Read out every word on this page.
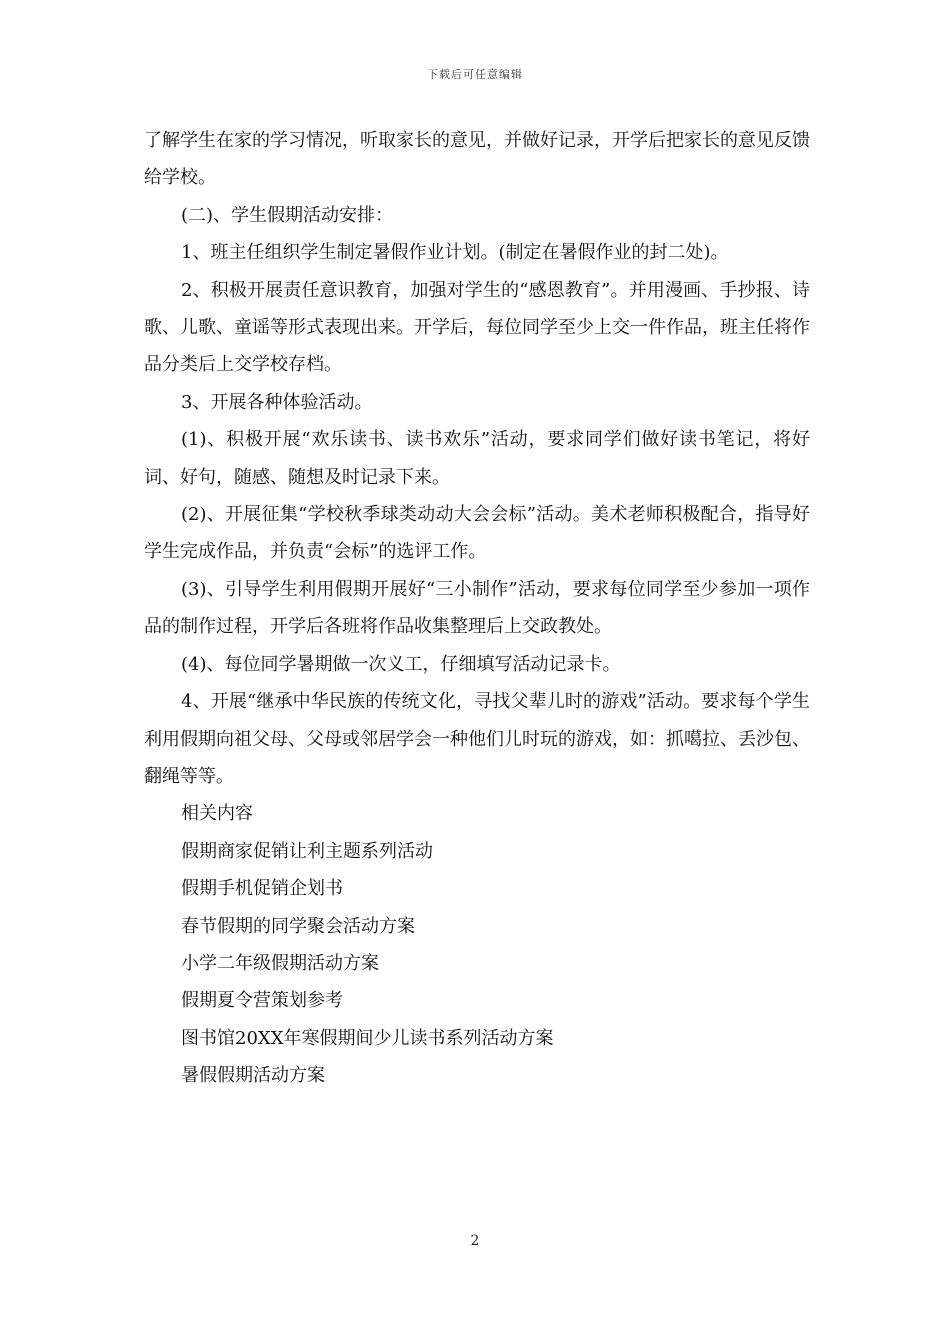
下载后可任意编辑

了解学生在家的学习情况，听取家长的意见，并做好记录，开学后把家长的意见反馈给学校。

(二)、学生假期活动安排：

1、班主任组织学生制定暑假作业计划。(制定在暑假作业的封二处)。

2、积极开展责任意识教育，加强对学生的“感恩教育”。并用漫画、手抄报、诗歌、儿歌、童谣等形式表现出来。开学后，每位同学至少上交一件作品，班主任将作品分类后上交学校存档。

3、开展各种体验活动。

(1)、积极开展“欢乐读书、读书欢乐”活动，要求同学们做好读书笔记，将好词、好句，随感、随想及时记录下来。

(2)、开展征集“学校秋季球类动动大会会标”活动。美术老师积极配合，指导好学生完成作品，并负责“会标”的选评工作。

(3)、引导学生利用假期开展好“三小制作”活动，要求每位同学至少参加一项作品的制作过程，开学后各班将作品收集整理后上交政教处。

(4)、每位同学暑期做一次义工，仔细填写活动记录卡。

4、开展“继承中华民族的传统文化，寻找父辈儿时的游戏”活动。要求每个学生利用假期向祖父母、父母或邻居学会一种他们儿时玩的游戏，如：抓噶拉、丢沙包、翻绳等等。

相关内容

假期商家促销让利主题系列活动

假期手机促销企划书

春节假期的同学聚会活动方案

小学二年级假期活动方案

假期夏令营策划参考

图书馆20XX年寒假期间少儿读书系列活动方案

暑假假期活动方案

2
